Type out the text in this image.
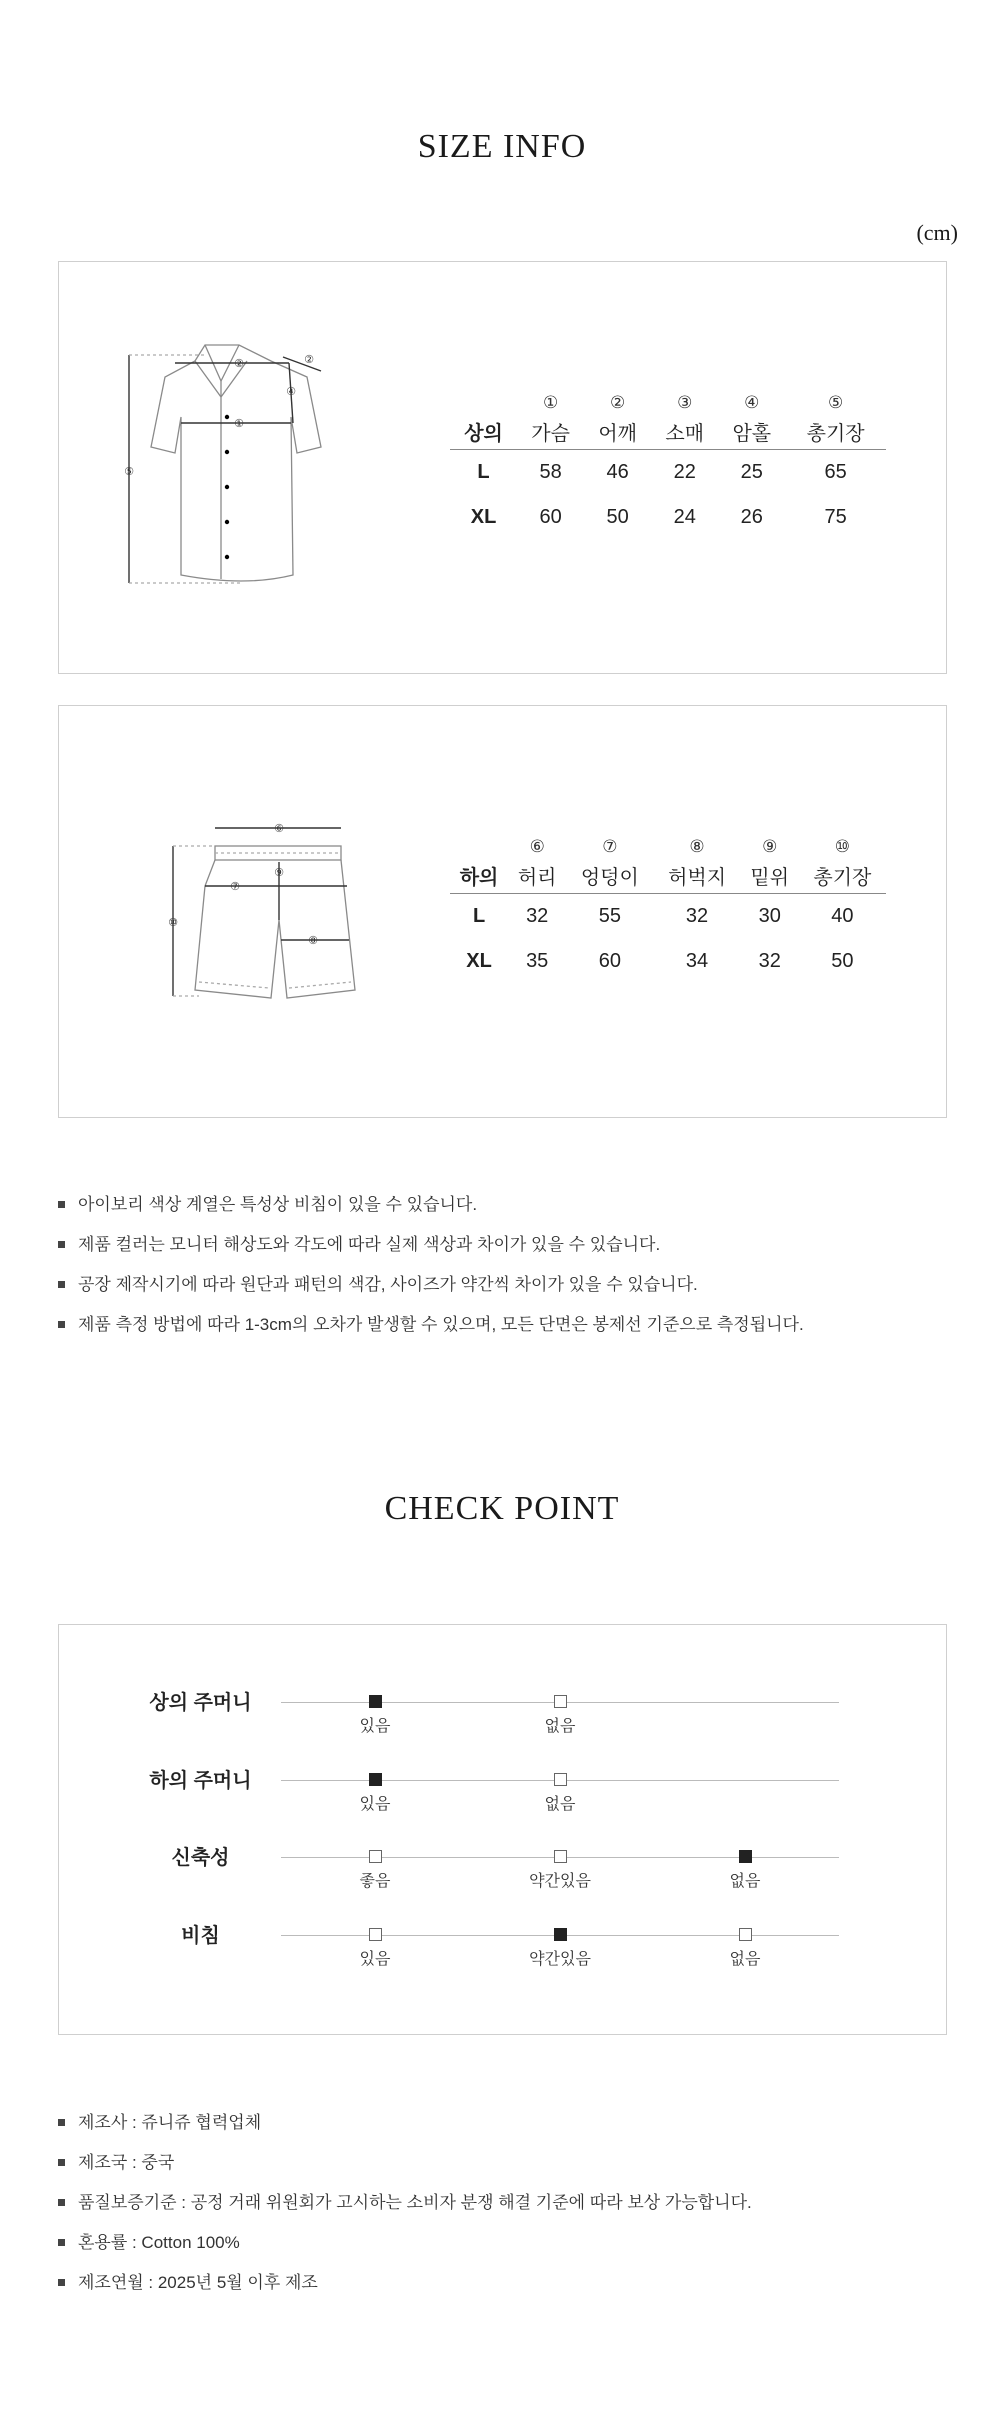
SIZE INFO
(cm)
②	②
④
①
⑤
	①	②	③	④	⑤
상의	가슴	어깨	소매	암홀	총기장
L	58	46	22	25	65
XL	60	50	24	26	75
⑥
⑨
⑦
⑧
⑩
	⑥	⑦	⑧	⑨	⑩
하의	허리	엉덩이	허벅지	밑위	총기장
L	32	55	32	30	40
XL	35	60	34	32	50
아이보리 색상 계열은 특성상 비침이 있을 수 있습니다.
제품 컬러는 모니터 해상도와 각도에 따라 실제 색상과 차이가 있을 수 있습니다.
공장 제작시기에 따라 원단과 패턴의 색감, 사이즈가 약간씩 차이가 있을 수 있습니다.
제품 측정 방법에 따라 1-3cm의 오차가 발생할 수 있으며, 모든 단면은 봉제선 기준으로 측정됩니다.
CHECK POINT
상의 주머니
있음	없음
하의 주머니
있음	없음
신축성
좋음	약간있음	없음
비침
있음	약간있음	없음
제조사 : 쥬니쥬 협력업체
제조국 : 중국
품질보증기준 : 공정 거래 위원회가 고시하는 소비자 분쟁 해결 기준에 따라 보상 가능합니다.
혼용률 : Cotton 100%
제조연월 : 2025년 5월 이후 제조
